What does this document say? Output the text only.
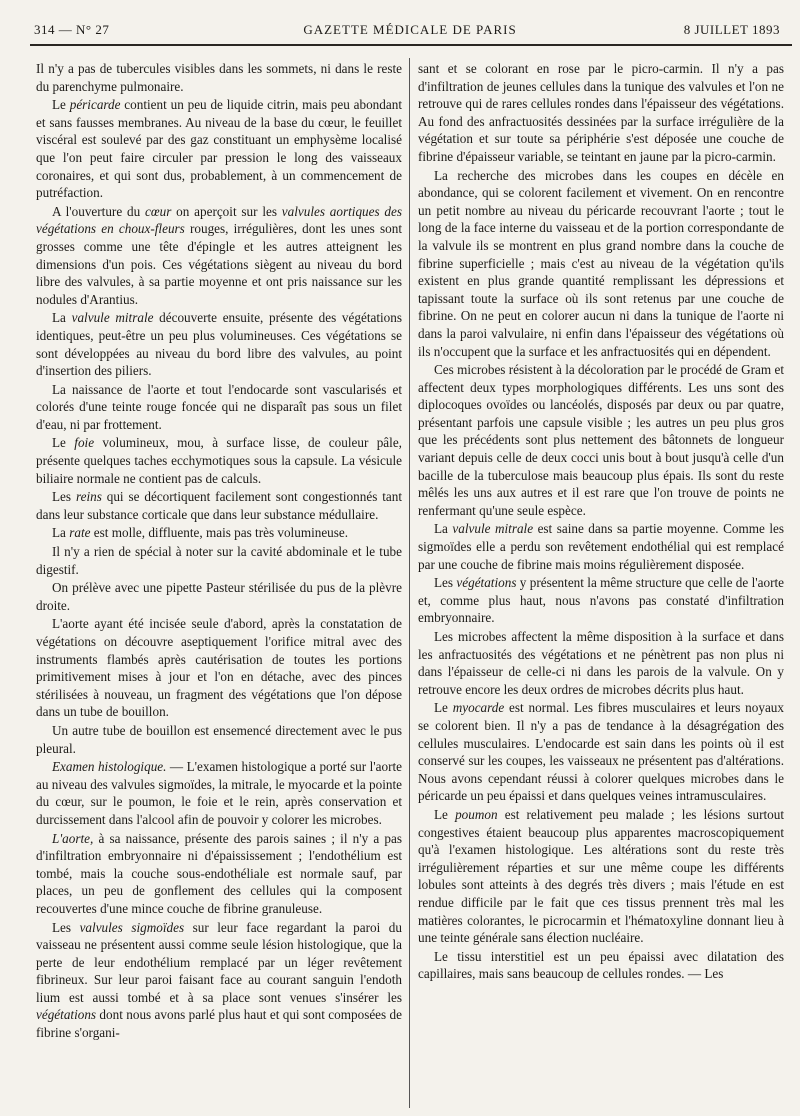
314 — N° 27	GAZETTE MÉDICALE DE PARIS	8 JUILLET 1893

Il n'y a pas de tubercules visibles dans les sommets, ni dans le reste du parenchyme pulmonaire.

Le péricarde contient un peu de liquide citrin, mais peu abondant et sans fausses membranes. Au niveau de la base du cœur, le feuillet viscéral est soulevé par des gaz constituant un emphysème localisé que l'on peut faire circuler par pression le long des vaisseaux coronaires, et qui sont dus, probablement, à un commencement de putréfaction.

A l'ouverture du cœur on aperçoit sur les valvules aortiques des végétations en choux-fleurs rouges, irrégulières, dont les unes sont grosses comme une tête d'épingle et les autres atteignent les dimensions d'un pois. Ces végétations siègent au niveau du bord libre des valvules, à sa partie moyenne et ont pris naissance sur les nodules d'Arantius.

La valvule mitrale découverte ensuite, présente des végétations identiques, peut-être un peu plus volumineuses. Ces végétations se sont développées au niveau du bord libre des valvules, au point d'insertion des piliers.

La naissance de l'aorte et tout l'endocarde sont vascularisés et colorés d'une teinte rouge foncée qui ne disparaît pas sous un filet d'eau, ni par frottement.

Le foie volumineux, mou, à surface lisse, de couleur pâle, présente quelques taches ecchymotiques sous la capsule. La vésicule biliaire normale ne contient pas de calculs.

Les reins qui se décortiquent facilement sont congestionnés tant dans leur substance corticale que dans leur substance médullaire.

La rate est molle, diffluente, mais pas très volumineuse.

Il n'y a rien de spécial à noter sur la cavité abdominale et le tube digestif.

On prélève avec une pipette Pasteur stérilisée du pus de la plèvre droite.

L'aorte ayant été incisée seule d'abord, après la constatation de végétations on découvre aseptiquement l'orifice mitral avec des instruments flambés après cautérisation de toutes les portions primitivement mises à jour et l'on en détache, avec des pinces stérilisées à nouveau, un fragment des végétations que l'on dépose dans un tube de bouillon.

Un autre tube de bouillon est ensemencé directement avec le pus pleural.

Examen histologique. — L'examen histologique a porté sur l'aorte au niveau des valvules sigmoïdes, la mitrale, le myocarde et la pointe du cœur, sur le poumon, le foie et le rein, après conservation et durcissement dans l'alcool afin de pouvoir y colorer les microbes.

L'aorte, à sa naissance, présente des parois saines ; il n'y a pas d'infiltration embryonnaire ni d'épaississement ; l'endothélium est tombé, mais la couche sous-endothéliale est normale sauf, par places, un peu de gonflement des cellules qui la composent recouvertes d'une mince couche de fibrine granuleuse.

Les valvules sigmoïdes sur leur face regardant la paroi du vaisseau ne présentent aussi comme seule lésion histologique, que la perte de leur endothélium remplacé par un léger revêtement fibrineux. Sur leur paroi faisant face au courant sanguin l'endoth lium est aussi tombé et à sa place sont venues s'insérer les végétations dont nous avons parlé plus haut et qui sont composées de fibrine s'organi-

sant et se colorant en rose par le picro-carmin. Il n'y a pas d'infiltration de jeunes cellules dans la tunique des valvules et l'on ne retrouve qui de rares cellules rondes dans l'épaisseur des végétations. Au fond des anfractuosités dessinées par la surface irrégulière de la végétation et sur toute sa périphérie s'est déposée une couche de fibrine d'épaisseur variable, se teintant en jaune par la picro-carmin.

La recherche des microbes dans les coupes en décèle en abondance, qui se colorent facilement et vivement. On en rencontre un petit nombre au niveau du péricarde recouvrant l'aorte ; tout le long de la face interne du vaisseau et de la portion correspondante de la valvule ils se montrent en plus grand nombre dans la couche de fibrine superficielle ; mais c'est au niveau de la végétation qu'ils existent en plus grande quantité remplissant les dépressions et tapissant toute la surface où ils sont retenus par une couche de fibrine. On ne peut en colorer aucun ni dans la tunique de l'aorte ni dans la paroi valvulaire, ni enfin dans l'épaisseur des végétations où ils n'occupent que la surface et les anfractuosités qui en dépendent.

Ces microbes résistent à la décoloration par le procédé de Gram et affectent deux types morphologiques différents. Les uns sont des diplocoques ovoïdes ou lancéolés, disposés par deux ou par quatre, présentant parfois une capsule visible ; les autres un peu plus gros que les précédents sont plus nettement des bâtonnets de longueur variant depuis celle de deux cocci unis bout à bout jusqu'à celle d'un bacille de la tuberculose mais beaucoup plus épais. Ils sont du reste mêlés les uns aux autres et il est rare que l'on trouve de points ne renfermant qu'une seule espèce.

La valvule mitrale est saine dans sa partie moyenne. Comme les sigmoïdes elle a perdu son revêtement endothélial qui est remplacé par une couche de fibrine mais moins régulièrement disposée.

Les végétations y présentent la même structure que celle de l'aorte et, comme plus haut, nous n'avons pas constaté d'infiltration embryonnaire.

Les microbes affectent la même disposition à la surface et dans les anfractuosités des végétations et ne pénètrent pas non plus ni dans l'épaisseur de celle-ci ni dans les parois de la valvule. On y retrouve encore les deux ordres de microbes décrits plus haut.

Le myocarde est normal. Les fibres musculaires et leurs noyaux se colorent bien. Il n'y a pas de tendance à la désagrégation des cellules musculaires. L'endocarde est sain dans les points où il est conservé sur les coupes, les vaisseaux ne présentent pas d'altérations. Nous avons cependant réussi à colorer quelques microbes dans le péricarde un peu épaissi et dans quelques veines intramusculaires.

Le poumon est relativement peu malade ; les lésions surtout congestives étaient beaucoup plus apparentes macroscopiquement qu'à l'examen histologique. Les altérations sont du reste très irrégulièrement réparties et sur une même coupe les différents lobules sont atteints à des degrés très divers ; mais l'étude en est rendue difficile par le fait que ces tissus prennent très mal les matières colorantes, le picrocarmin et l'hématoxyline donnant lieu à une teinte générale sans élection nucléaire.

Le tissu interstitiel est un peu épaissi avec dilatation des capillaires, mais sans beaucoup de cellules rondes. — Les
